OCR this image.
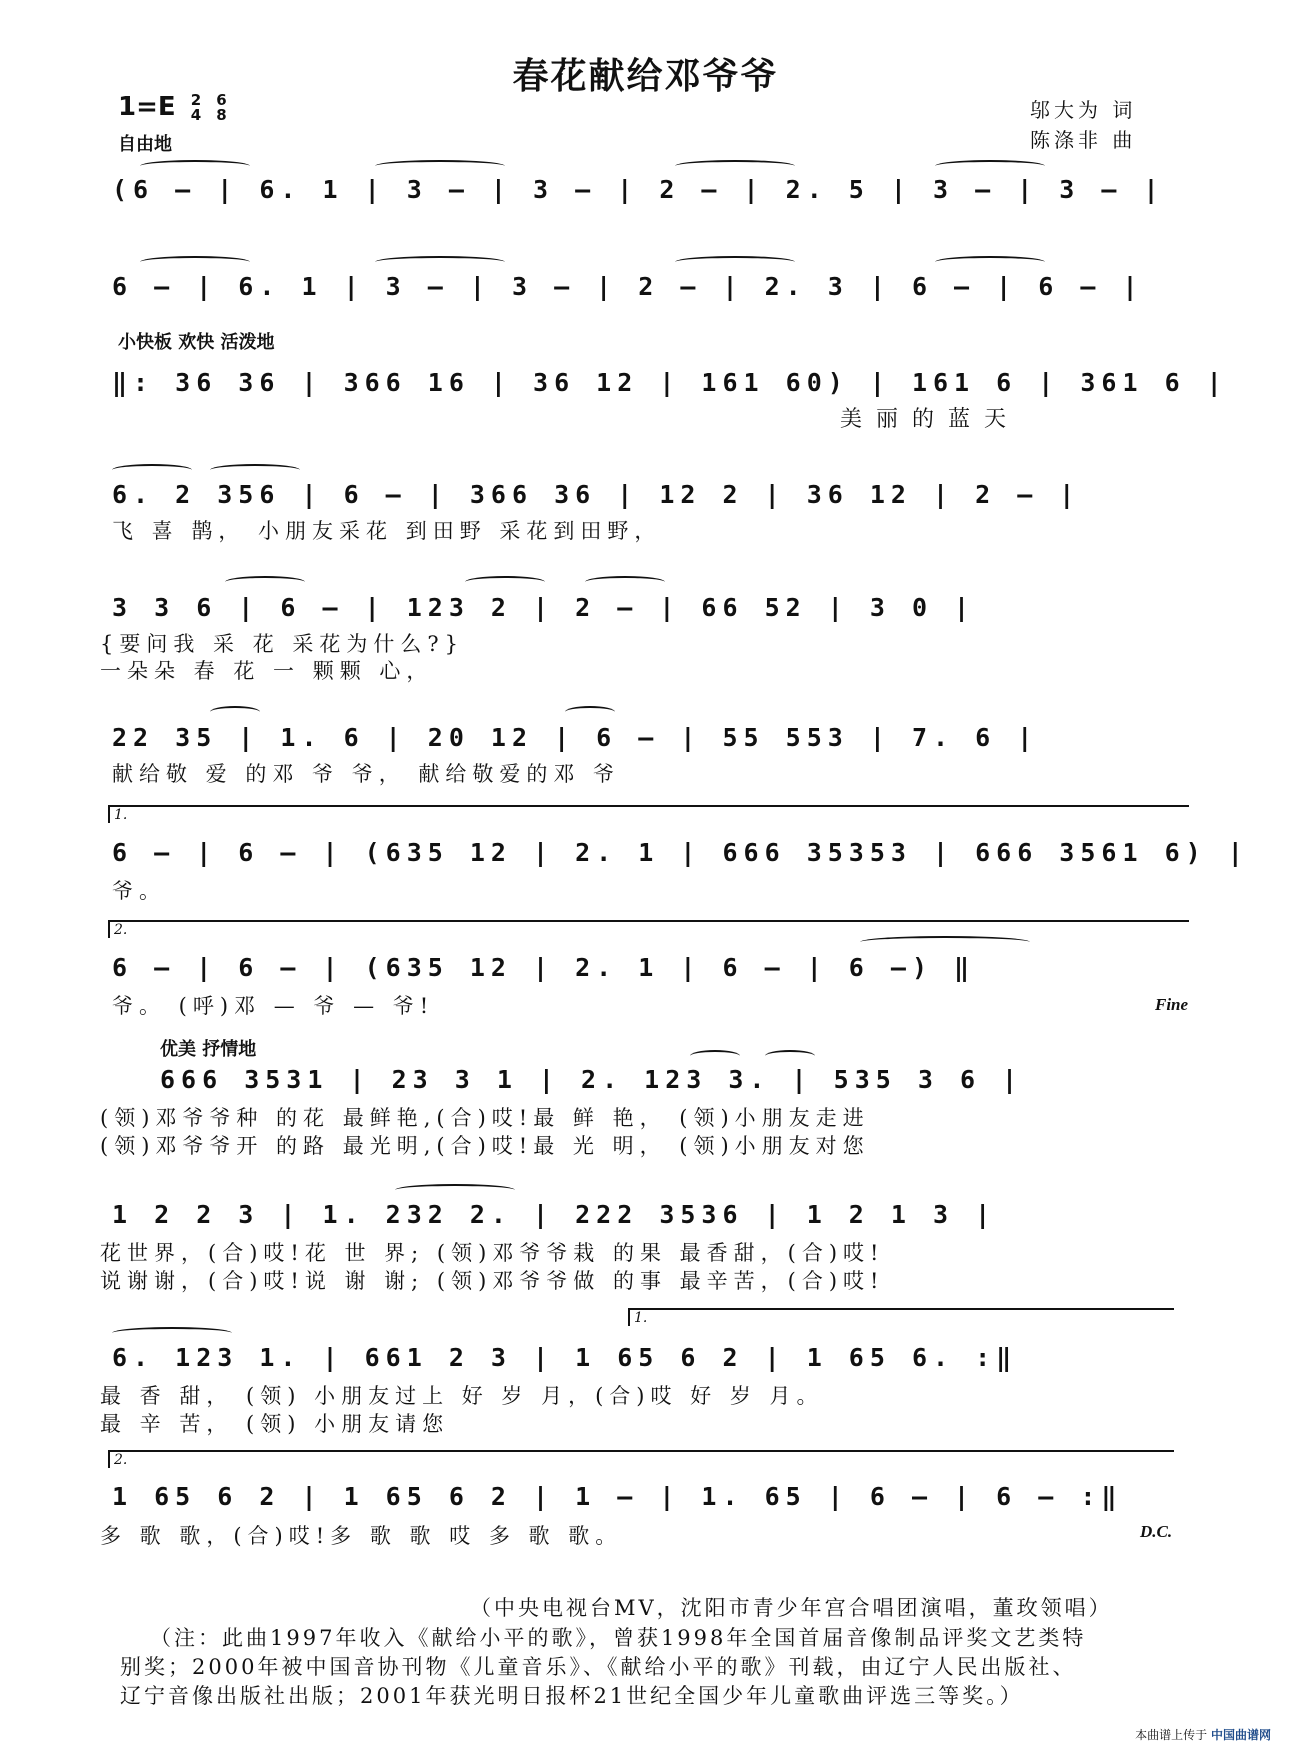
春花献给邓爷爷
1=E 2
4

6
8	邬大为 词
陈涤非 曲
自由地
(6 — | 6. 1 | 3 — | 3 — | 2 — | 2. 5 | 3 — | 3 — |
6 — | 6. 1 | 3 — | 3 — | 2 — | 2. 3 | 6 — | 6 — |
小快板 欢快 活泼地
‖: 36 36 | 366 16 | 36 12 | 161 60) | 161 6 | 361 6 |
美丽的蓝天
6. 2 356 | 6 — | 366 36 | 12 2 | 36 12 | 2 — |
飞 喜 鹊， 小朋友采花 到田野 采花到田野，
3 3 6 | 6 — | 123 2 | 2 — | 66 52 | 3 0 |
{要问我 采 花 采花为什么?}
一朵朵 春 花 一 颗颗 心，
22 35 | 1. 6 | 20 12 | 6 — | 55 553 | 7. 6 |
献给敬 爱 的邓 爷 爷， 献给敬爱的邓 爷
1.
6 — | 6 — | (635 12 | 2. 1 | 666 35353 | 666 3561 6) |
爷。
2.
6 — | 6 — | (635 12 | 2. 1 | 6 — | 6 —) ‖
爷。 (呼)邓 — 爷 — 爷!	Fine
优美 抒情地
666 3531 | 23 3 1 | 2. 123 3. | 535 3 6 |
(领)邓爷爷种 的花 最鲜艳,(合)哎!最 鲜 艳， (领)小朋友走进
(领)邓爷爷开 的路 最光明,(合)哎!最 光 明， (领)小朋友对您
1 2 2 3 | 1. 232 2. | 222 3536 | 1 2 1 3 |
花世界，(合)哎!花 世 界; (领)邓爷爷栽 的果 最香甜，(合)哎!
说谢谢，(合)哎!说 谢 谢; (领)邓爷爷做 的事 最辛苦，(合)哎!
1.
6. 123 1. | 661 2 3 | 1 65 6 2 | 1 65 6. :‖
最 香 甜， (领) 小朋友过上 好 岁 月，(合)哎 好 岁 月。
最 辛 苦， (领) 小朋友请您
2.
1 65 6 2 | 1 65 6 2 | 1 — | 1. 65 | 6 — | 6 — :‖
多 歌 歌，(合)哎!多 歌 歌 哎 多 歌 歌。	D.C.
（中央电视台MV，沈阳市青少年宫合唱团演唱，董玫领唱）
（注：此曲1997年收入《献给小平的歌》，曾获1998年全国首届音像制品评奖文艺类特
别奖；2000年被中国音协刊物《儿童音乐》、《献给小平的歌》刊载，由辽宁人民出版社、
辽宁音像出版社出版；2001年获光明日报杯21世纪全国少年儿童歌曲评选三等奖。）
本曲谱上传于 中国曲谱网
